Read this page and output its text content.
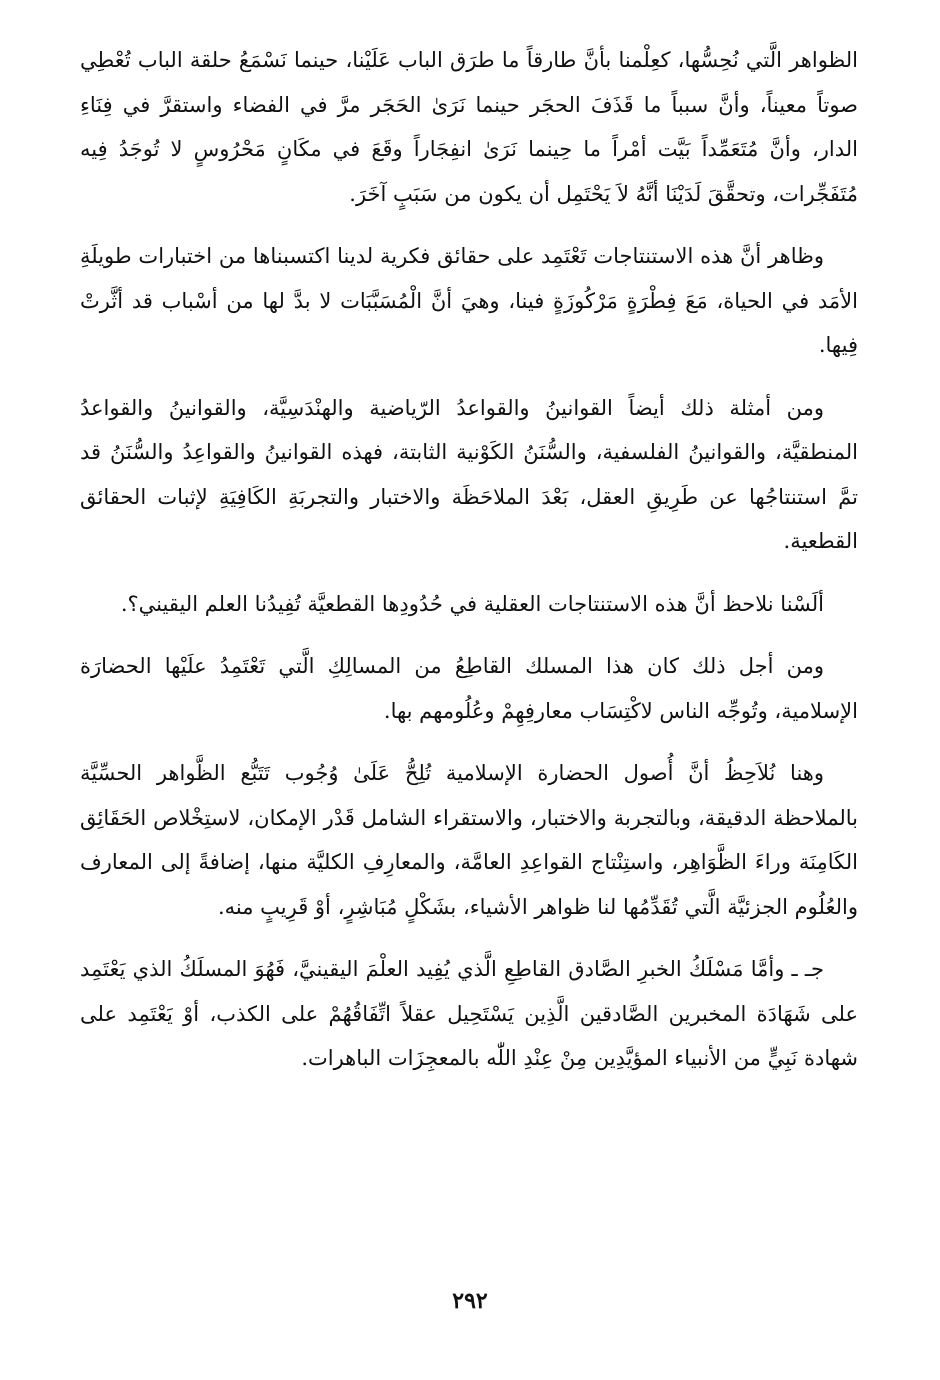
الظواهر الَّتي نُحِسُّها، كعِلْمنا بأنَّ طارقاً ما طرَق الباب عَلَيْنا، حينما نَسْمَعُ حلقة الباب تُعْطِي صوتاً معيناً، وأنَّ سبباً ما قَذَفَ الحجَر حينما نَرَىٰ الحَجَر مرَّ في الفضاء واستقرَّ في فِنَاءِ الدار، وأنَّ مُتَعَمِّداً بَيَّت أمْراً ما حِينما نَرَىٰ انفِجَاراً وقَعَ في مكَانٍ مَحْرُوسٍ لا تُوجَدُ فِيه مُتَفَجِّرات، وتحقَّقَ لَدَيْنَا أنَّهُ لاَ يَحْتَمِل أن يكون من سَبَبٍ آخَرَ.

وظاهر أنَّ هذه الاستنتاجات تَعْتَمِد على حقائق فكرية لدينا اكتسبناها من اختبارات طويلَةِ الأمَد في الحياة، مَعَ فِطْرَةٍ مَرْكُوزَةٍ فينا، وهيَ أنَّ الْمُسَبَّبَات لا بدَّ لها من أسْباب قد أثَّرتْ فِيها.

ومن أمثلة ذلك أيضاً القوانينُ والقواعدُ الرّياضية والهنْدَسِيَّة، والقوانينُ والقواعدُ المنطقيَّة، والقوانينُ الفلسفية، والسُّنَنُ الكَوْنية الثابتة، فهذه القوانينُ والقواعِدُ والسُّنَنُ قد تمَّ استنتاجُها عن طَرِيقِ العقل، بَعْدَ الملاحَظَة والاختبار والتجربَةِ الكَافِيَةِ لإثبات الحقائق القطعية.

ألَسْنا نلاحظ أنَّ هذه الاستنتاجات العقلية في حُدُودِها القطعيَّة تُفِيدُنا العلم اليقيني؟.

ومن أجل ذلك كان هذا المسلك القاطِعُ من المسالِكِ الَّتي تَعْتَمِدُ علَيْها الحضارَة الإسلامية، وتُوجِّه الناس لاكْتِسَاب معارفِهِمْ وعُلُومهم بها.

وهنا نُلاَحِظُ أنَّ أُصول الحضارة الإسلامية تُلِحُّ عَلَىٰ وُجُوب تَتَبُّع الظَّواهر الحسِّيَّة بالملاحظة الدقيقة، وبالتجربة والاختبار، والاستقراء الشامل قَدْر الإمكان، لاستِخْلاص الحَقَائِق الكَامِنَة وراءَ الظَّوَاهِر، واستِنْتاج القواعِدِ العامَّة، والمعارِفِ الكليَّة منها، إضافةً إلى المعارف والعُلُوم الجزئيَّة الَّتي تُقَدِّمُها لنا ظواهر الأشياء، بشَكْلٍ مُبَاشِرٍ، أوْ قَرِيبٍ منه.

جـ ـ وأمَّا مَسْلَكُ الخبرِ الصَّادق القاطِعِ الَّذي يُفِيد العلْمَ اليقينيَّ، فَهُوَ المسلَكُ الذي يَعْتَمِد على شَهَادَة المخبرين الصَّادقين الَّذِين يَسْتَحِيل عقلاً اتِّفَاقُهُمْ على الكذب، أوْ يَعْتَمِد على شهادة نَبِيٍّ من الأنبياء المؤيَّدِين مِنْ عِنْدِ اللّٰه بالمعجِزَات الباهرات.

٢٩٢
